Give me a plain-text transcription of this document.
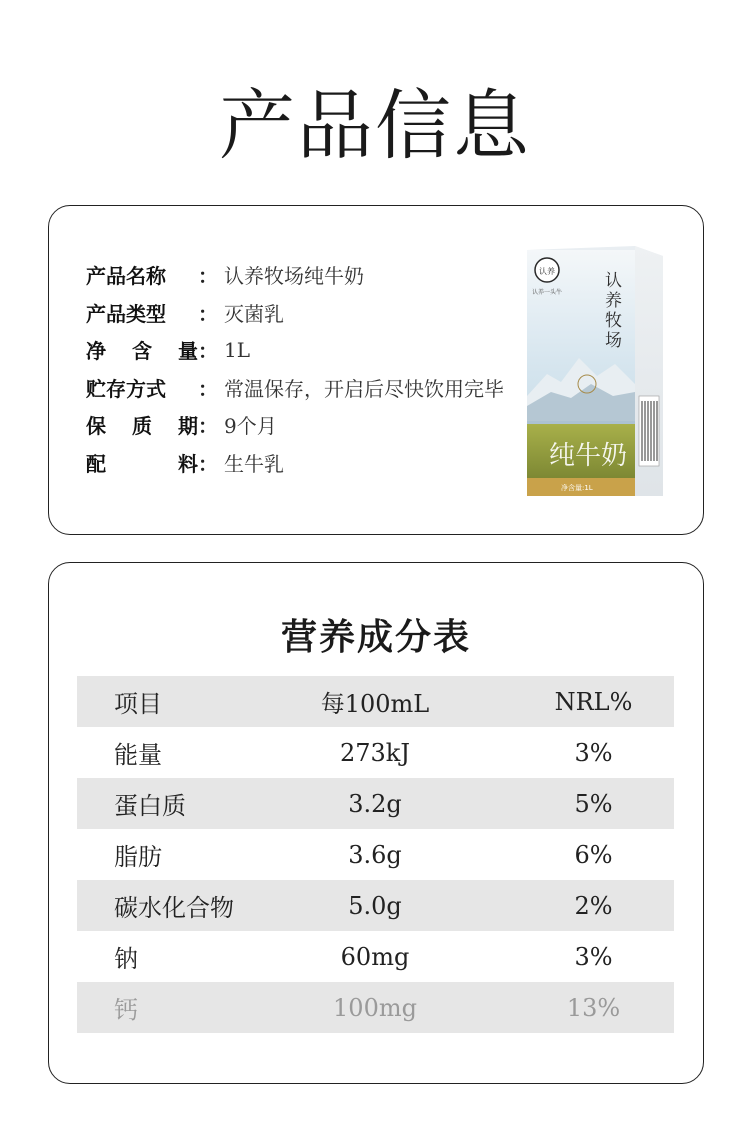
产品信息
产品名称	： 认养牧场纯牛奶
产品类型	： 灭菌乳
净 含 量 ： 1L
贮存方式	： 常温保存，开启后尽快饮用完毕
保 质 期 ： 9个月
配	料 ： 生牛乳
认养
认养一头牛
认 养 牧 场
纯牛奶
净含量:1L
营养成分表
项目	每100mL	NRL%
能量	273kJ	3%
蛋白质	3.2g	5%
脂肪	3.6g	6%
碳水化合物	5.0g	2%
钠	60mg	3%
钙	100mg	13%
